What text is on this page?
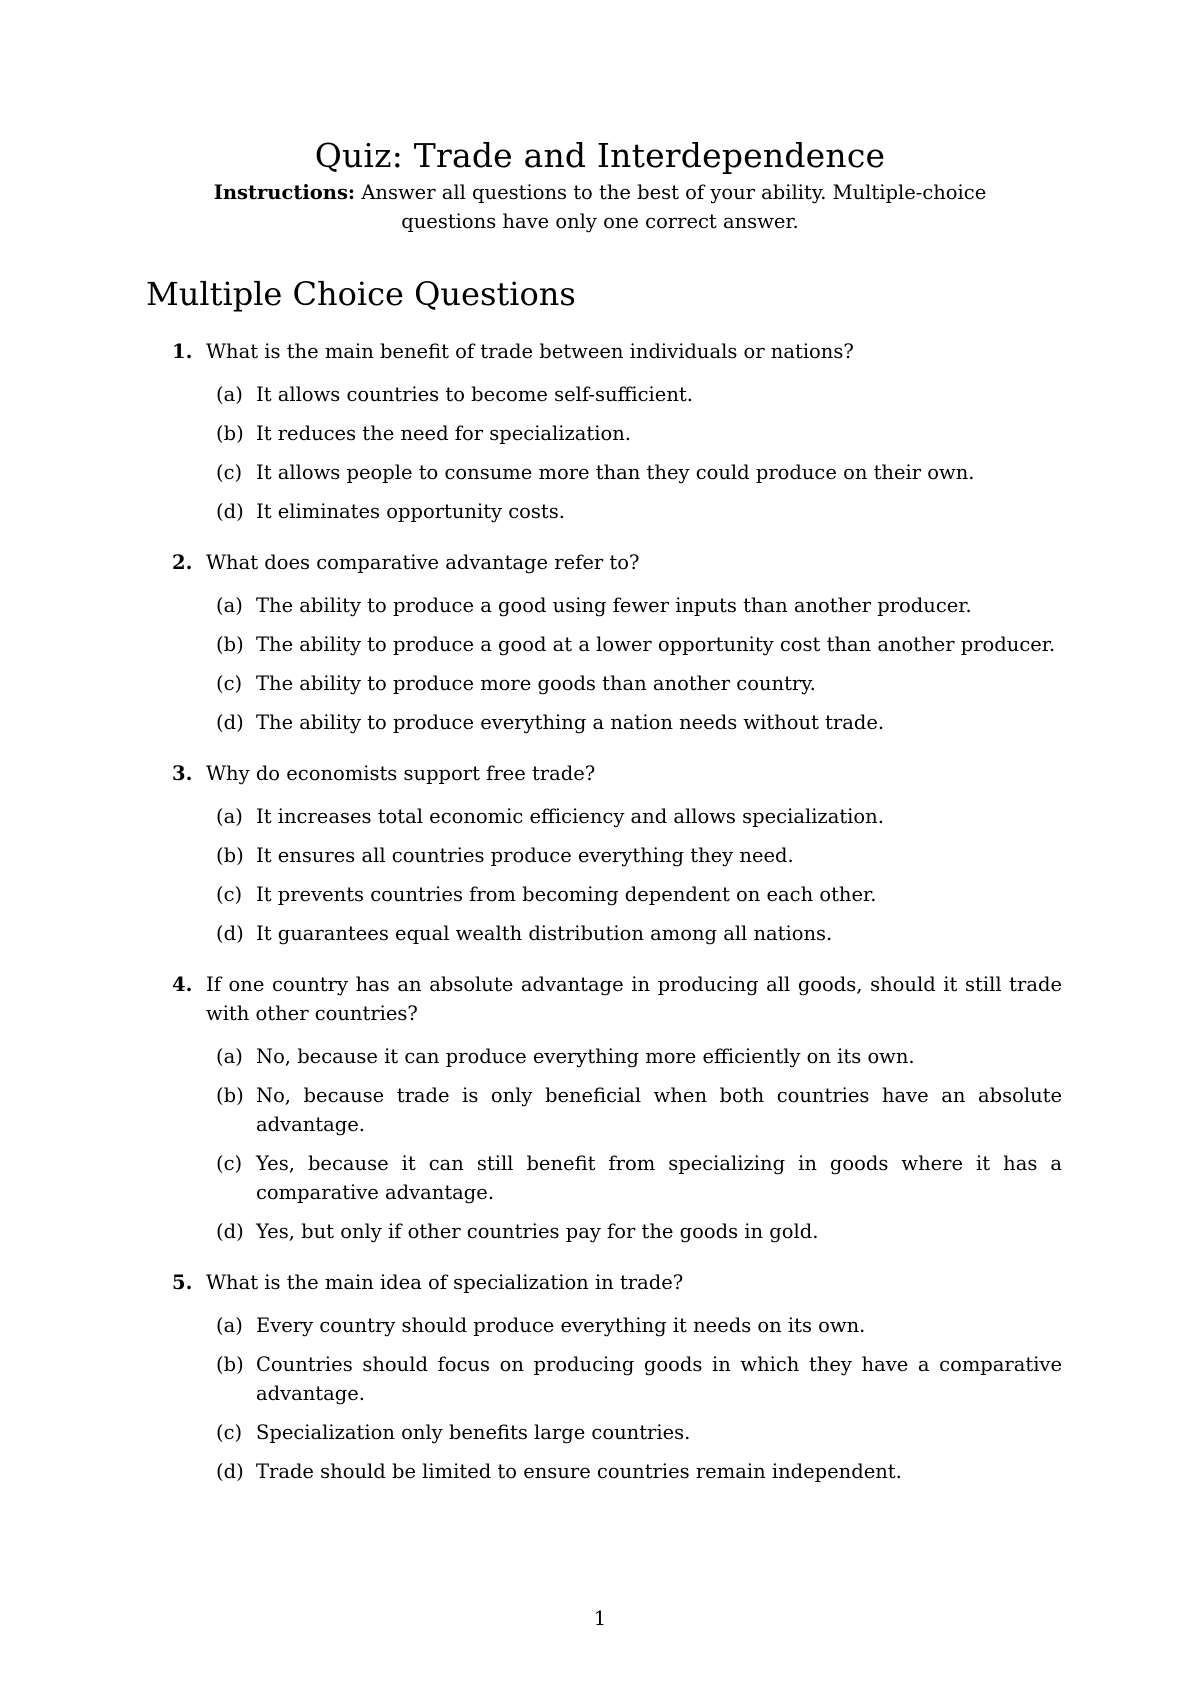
Quiz: Trade and Interdependence
Instructions: Answer all questions to the best of your ability. Multiple-choice questions have only one correct answer.
Multiple Choice Questions
1. What is the main benefit of trade between individuals or nations?
(a) It allows countries to become self-sufficient.
(b) It reduces the need for specialization.
(c) It allows people to consume more than they could produce on their own.
(d) It eliminates opportunity costs.
2. What does comparative advantage refer to?
(a) The ability to produce a good using fewer inputs than another producer.
(b) The ability to produce a good at a lower opportunity cost than another producer.
(c) The ability to produce more goods than another country.
(d) The ability to produce everything a nation needs without trade.
3. Why do economists support free trade?
(a) It increases total economic efficiency and allows specialization.
(b) It ensures all countries produce everything they need.
(c) It prevents countries from becoming dependent on each other.
(d) It guarantees equal wealth distribution among all nations.
4. If one country has an absolute advantage in producing all goods, should it still trade with other countries?
(a) No, because it can produce everything more efficiently on its own.
(b) No, because trade is only beneficial when both countries have an absolute advantage.
(c) Yes, because it can still benefit from specializing in goods where it has a comparative advantage.
(d) Yes, but only if other countries pay for the goods in gold.
5. What is the main idea of specialization in trade?
(a) Every country should produce everything it needs on its own.
(b) Countries should focus on producing goods in which they have a comparative advantage.
(c) Specialization only benefits large countries.
(d) Trade should be limited to ensure countries remain independent.
1
